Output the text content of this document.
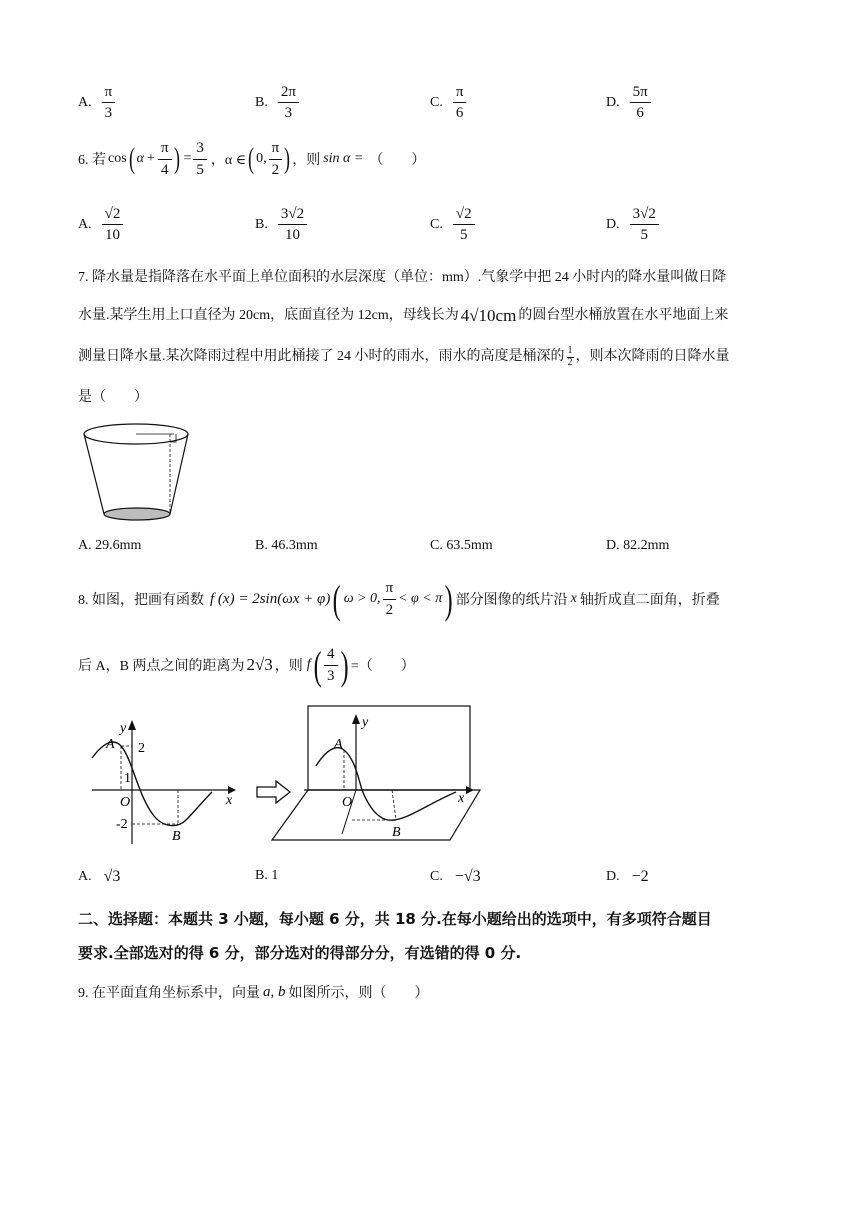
A. $\frac{\pi}{3}$	B. $\frac{2\pi}{3}$	C. $\frac{\pi}{6}$	D. $\frac{5\pi}{6}$
6. 若 cos ( $\alpha + \frac{\pi}{4}$ ) = $\frac{3}{5}$ ，α ∈ ( 0, $\frac{\pi}{2}$ ) ，则 sin α = （　　）
A. $\frac{√2}{10}$	B. $\frac{3√2}{10}$	C. $\frac{√2}{5}$	D. $\frac{3√2}{5}$
7. 降水量是指降落在水平面上单位面积的水层深度（单位：mm）.气象学中把 24 小时内的降水量叫做日降
水量.某学生用上口直径为 20cm，底面直径为 12cm，母线长为 4√10cm 的圆台型水桶放置在水平地面上来
测量日降水量.某次降雨过程中用此桶接了 24 小时的雨水，雨水的高度是桶深的 $\frac{1}{2}$ ，则本次降雨的日降水量
是（　　）
A. 29.6mm	B. 46.3mm	C. 63.5mm	D. 82.2mm
8. 如图，把画有函数 f (x) = 2sin(ωx + φ) ( ω > 0, $\frac{\pi}{2} < \varphi < \pi$ ) 部分图像的纸片沿 x 轴折成直二面角，折叠
后 A，B 两点之间的距离为 2√3 ，则 f ( $\frac{4}{3}$ ) =（　　）
y
x
A 2
1
O
-2
B
A
y
O	x
B
A. √3	B. 1	C. −√3	D. −2
二、选择题：本题共 3 小题，每小题 6 分，共 18 分.在每小题给出的选项中，有多项符合题目
要求.全部选对的得 6 分，部分选对的得部分分，有选错的得 0 分.
9. 在平面直角坐标系中，向量 a, b 如图所示，则（　　）
